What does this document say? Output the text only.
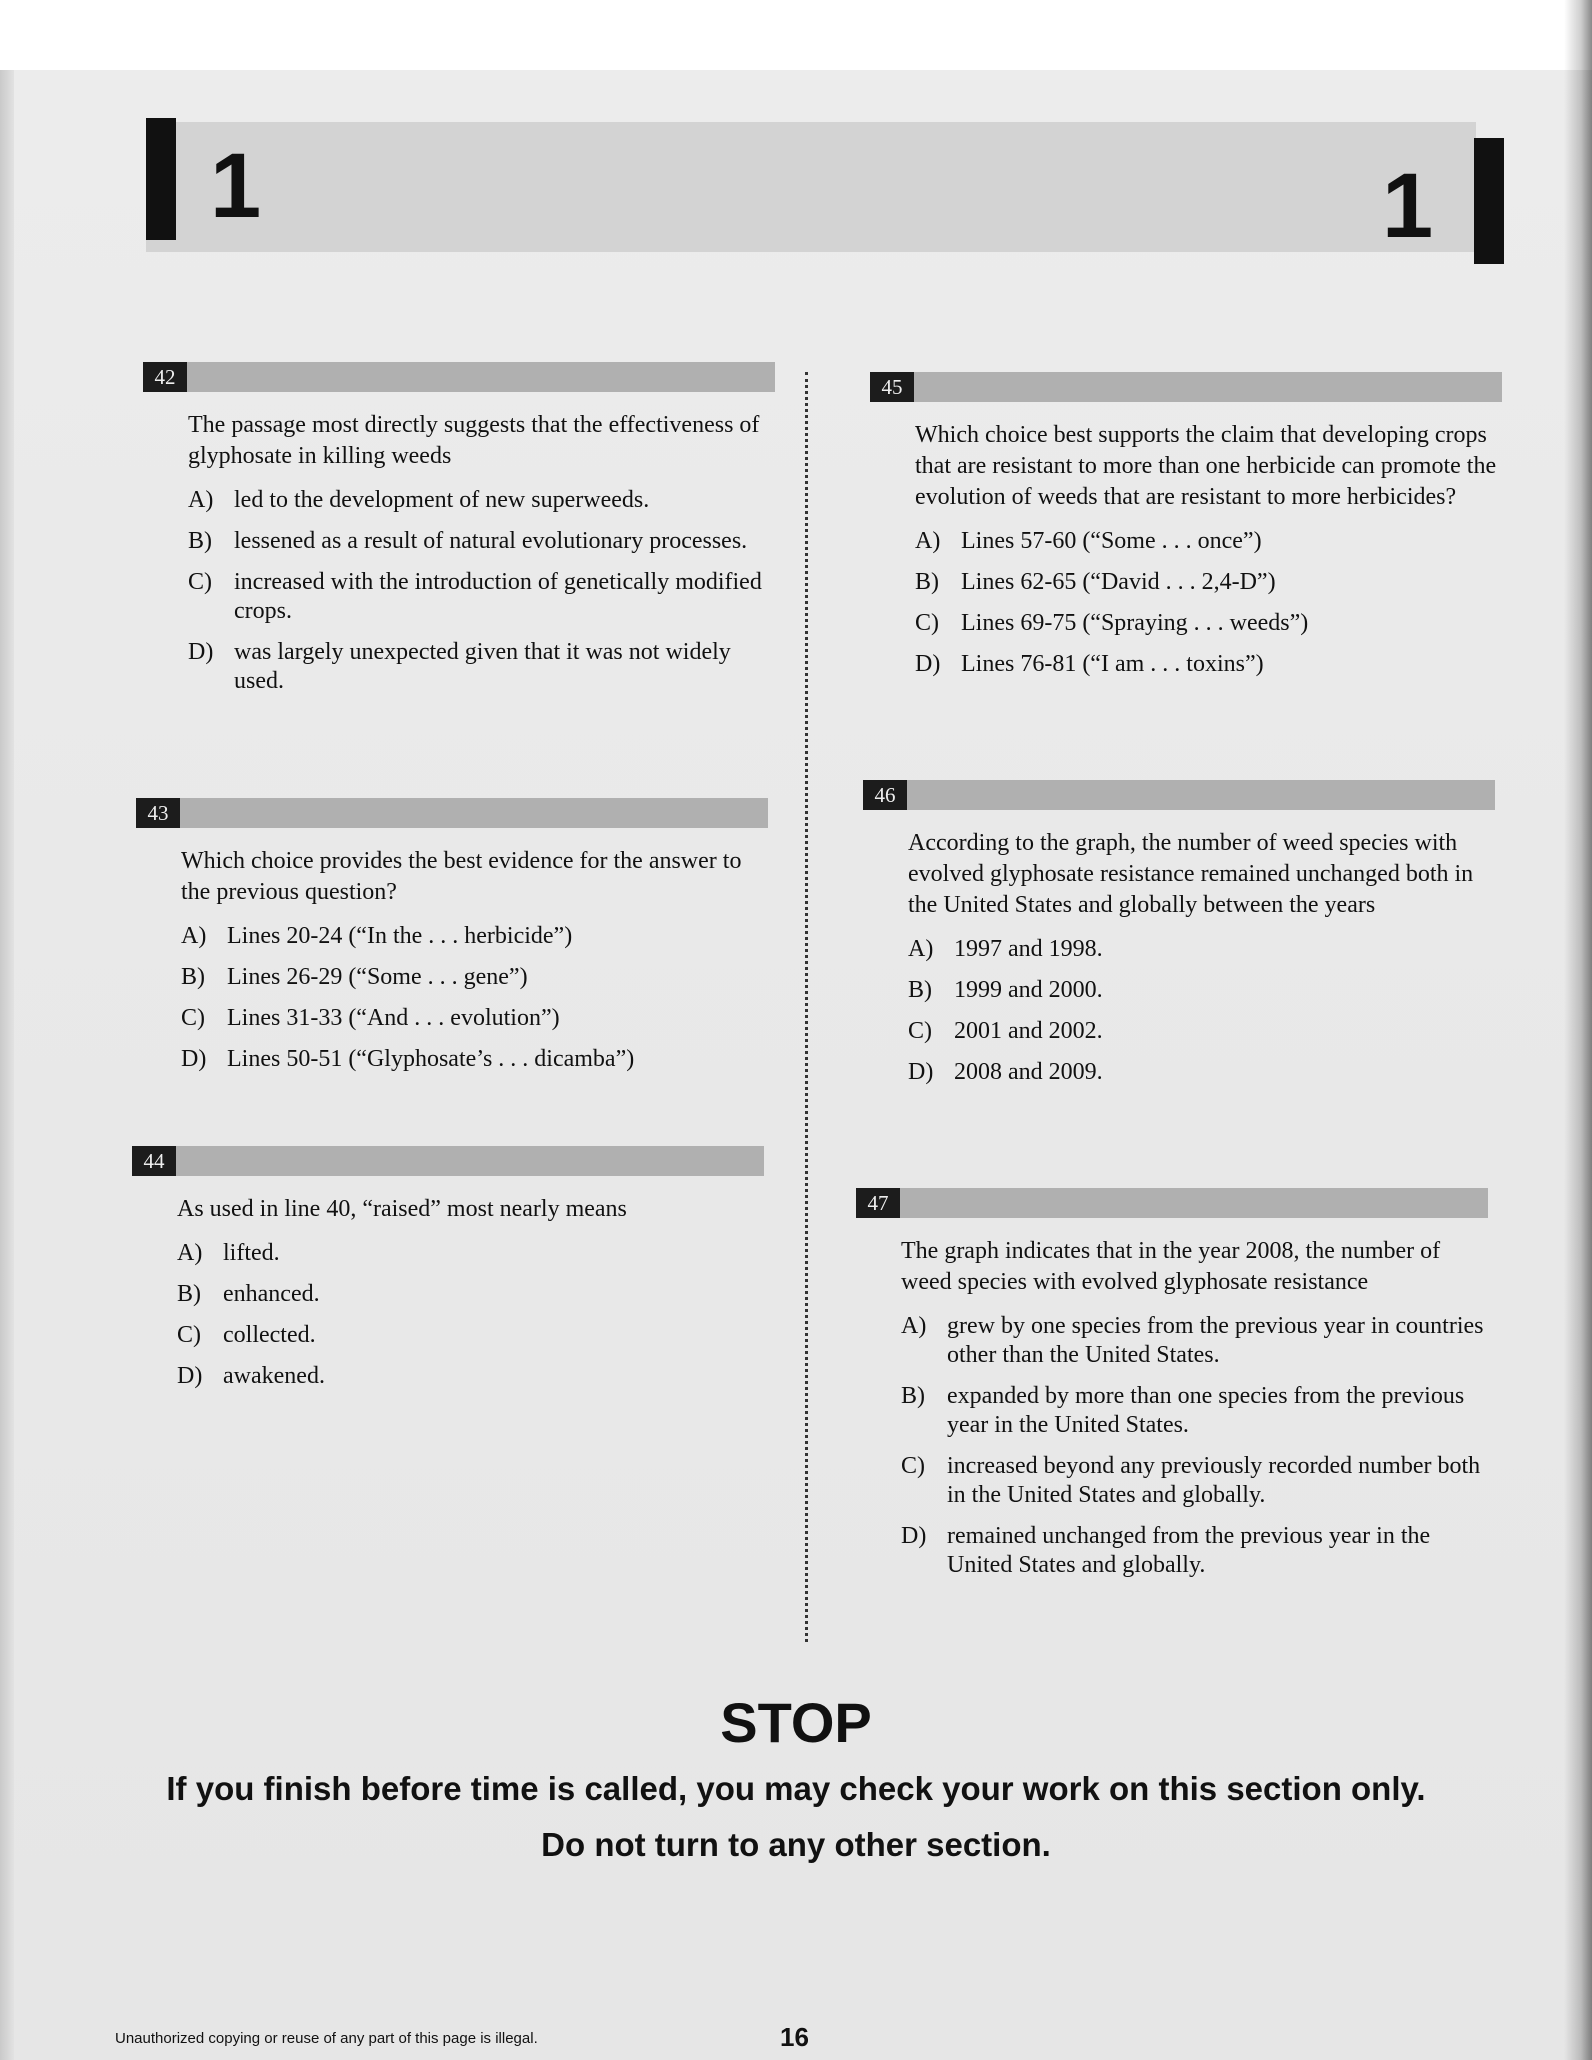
1	1
42

The passage most directly suggests that the effectiveness of glyphosate in killing weeds

A) led to the development of new superweeds.
B) lessened as a result of natural evolutionary processes.
C) increased with the introduction of genetically modified crops.
D) was largely unexpected given that it was not widely used.
43

Which choice provides the best evidence for the answer to the previous question?

A) Lines 20-24 (“In the . . . herbicide”)
B) Lines 26-29 (“Some . . . gene”)
C) Lines 31-33 (“And . . . evolution”)
D) Lines 50-51 (“Glyphosate’s . . . dicamba”)
44

As used in line 40, “raised” most nearly means

A) lifted.
B) enhanced.
C) collected.
D) awakened.
45

Which choice best supports the claim that developing crops that are resistant to more than one herbicide can promote the evolution of weeds that are resistant to more herbicides?

A) Lines 57-60 (“Some . . . once”)
B) Lines 62-65 (“David . . . 2,4-D”)
C) Lines 69-75 (“Spraying . . . weeds”)
D) Lines 76-81 (“I am . . . toxins”)
46

According to the graph, the number of weed species with evolved glyphosate resistance remained unchanged both in the United States and globally between the years

A) 1997 and 1998.
B) 1999 and 2000.
C) 2001 and 2002.
D) 2008 and 2009.
47

The graph indicates that in the year 2008, the number of weed species with evolved glyphosate resistance

A) grew by one species from the previous year in countries other than the United States.
B) expanded by more than one species from the previous year in the United States.
C) increased beyond any previously recorded number both in the United States and globally.
D) remained unchanged from the previous year in the United States and globally.
STOP
If you finish before time is called, you may check your work on this section only.
Do not turn to any other section.
Unauthorized copying or reuse of any part of this page is illegal.	16
